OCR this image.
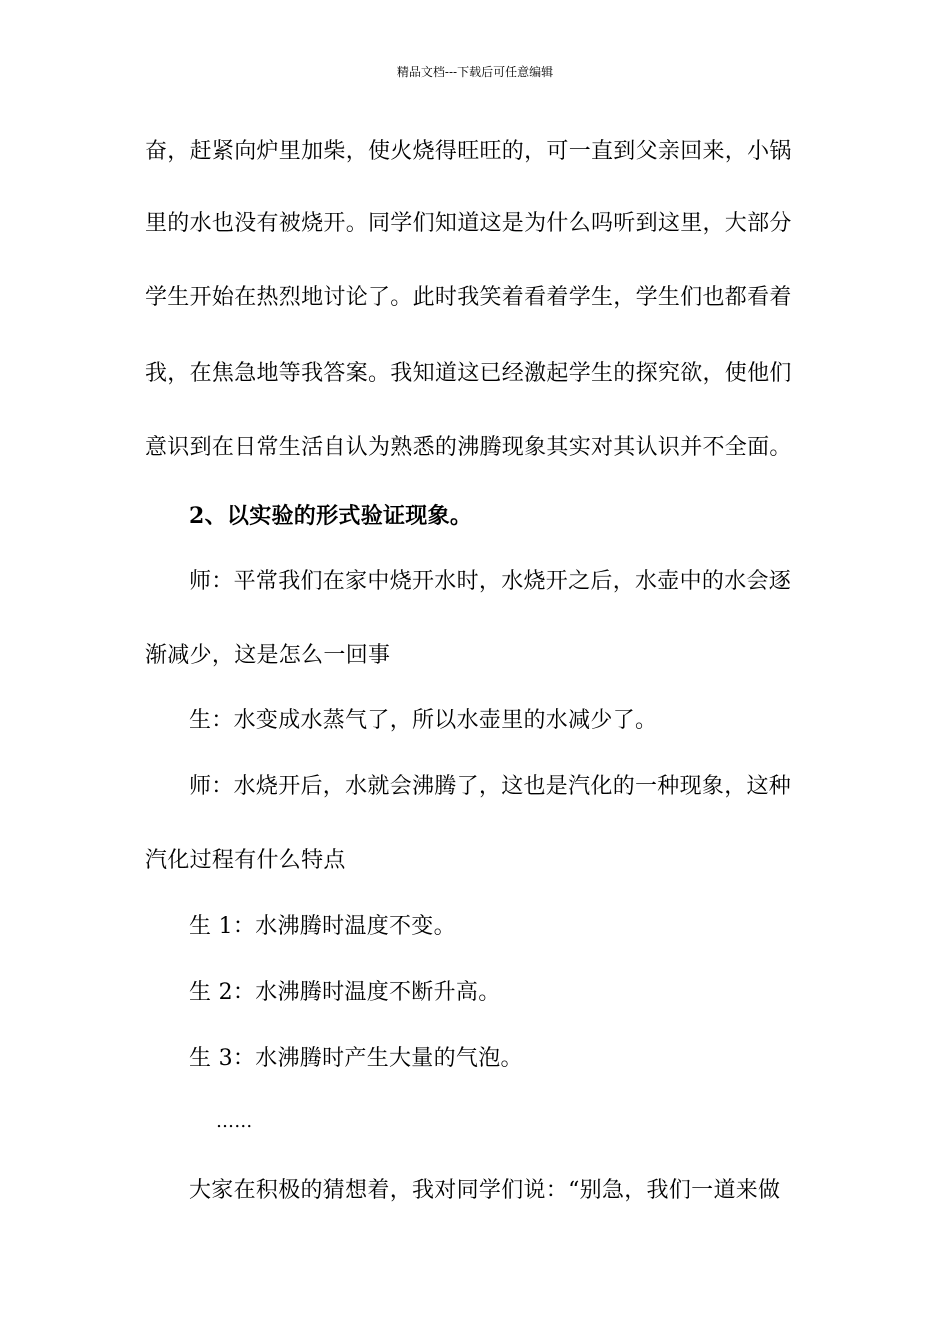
精品文档---下载后可任意编辑
奋，赶紧向炉里加柴，使火烧得旺旺的，可一直到父亲回来，小锅
里的水也没有被烧开。同学们知道这是为什么吗听到这里，大部分
学生开始在热烈地讨论了。此时我笑着看着学生，学生们也都看着
我，在焦急地等我答案。我知道这已经激起学生的探究欲，使他们
意识到在日常生活自认为熟悉的沸腾现象其实对其认识并不全面。
2、以实验的形式验证现象。
师：平常我们在家中烧开水时，水烧开之后，水壶中的水会逐
渐减少，这是怎么一回事
生：水变成水蒸气了，所以水壶里的水减少了。
师：水烧开后，水就会沸腾了，这也是汽化的一种现象，这种
汽化过程有什么特点
生 1：水沸腾时温度不变。
生 2：水沸腾时温度不断升高。
生 3：水沸腾时产生大量的气泡。
……
大家在积极的猜想着，我对同学们说：“别急，我们一道来做
